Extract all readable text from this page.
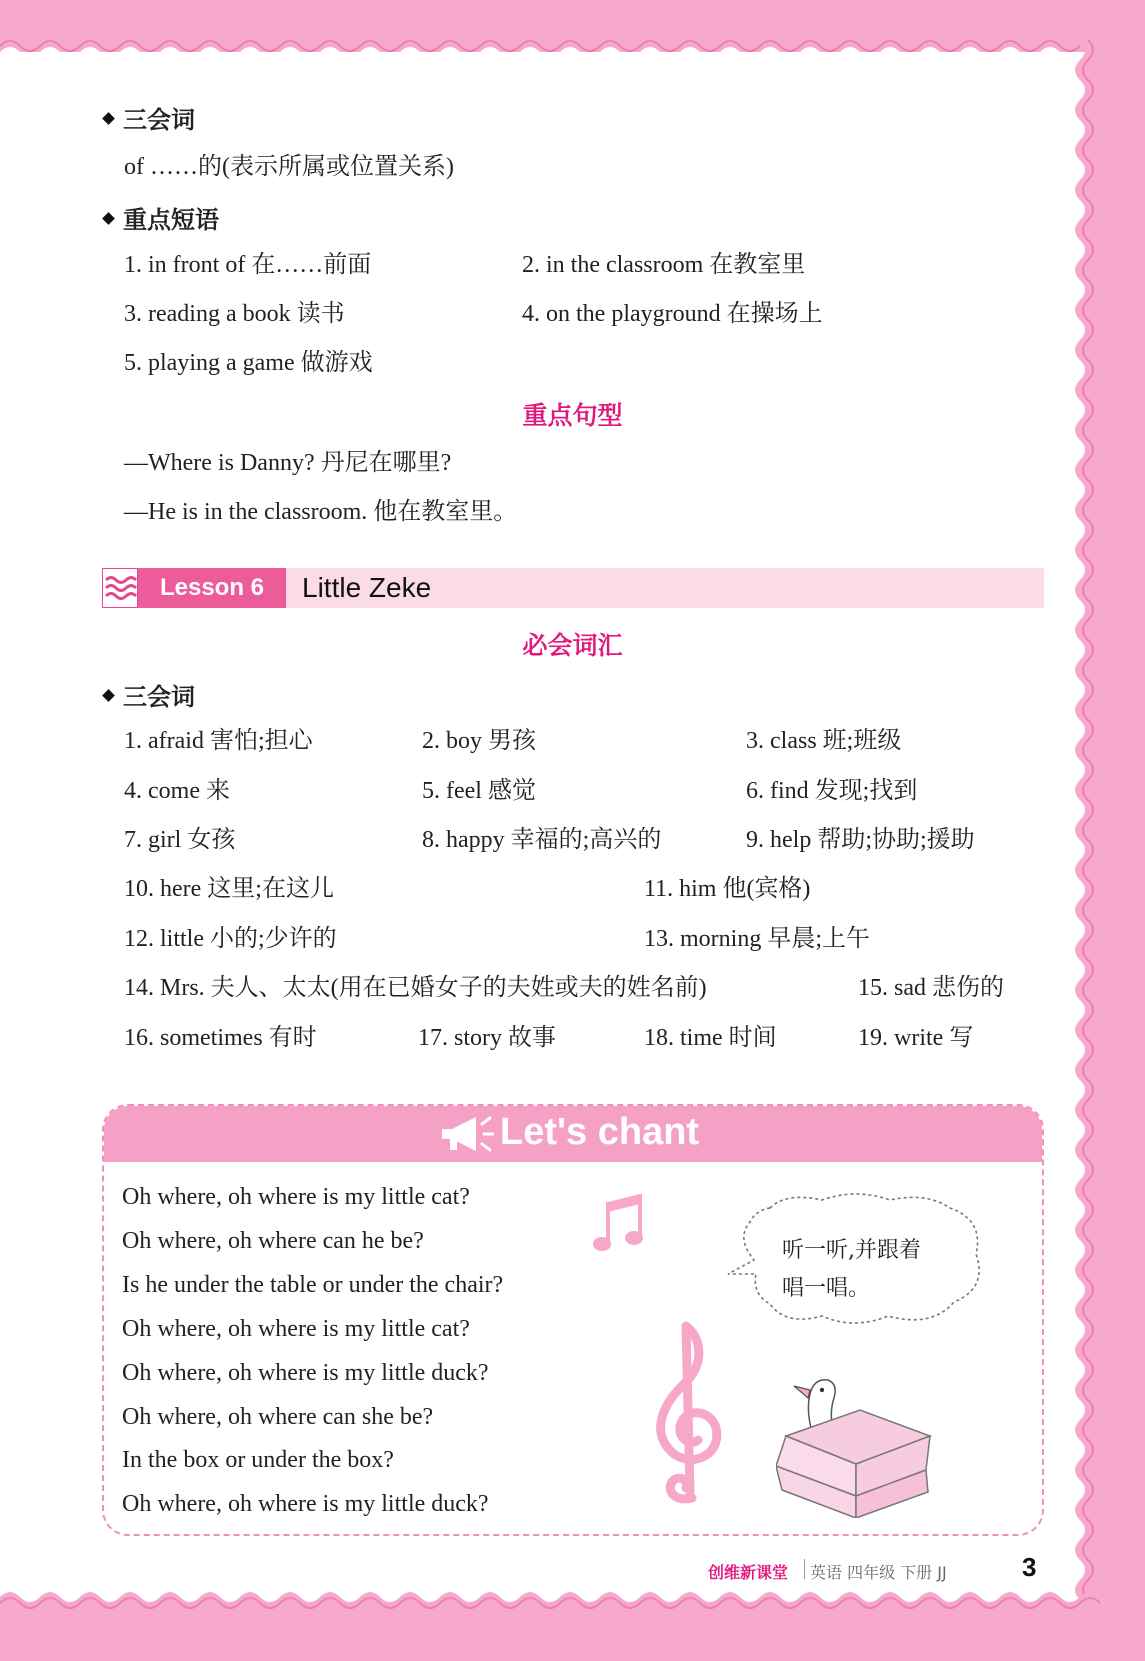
三会词
of ……的(表示所属或位置关系)
重点短语
1. in front of 在……前面	2. in the classroom 在教室里
3. reading a book 读书	4. on the playground 在操场上
5. playing a game 做游戏
重点句型
—Where is Danny? 丹尼在哪里?
—He is in the classroom. 他在教室里。
Lesson 6	Little Zeke
必会词汇
三会词
1. afraid 害怕;担心	2. boy 男孩	3. class 班;班级
4. come 来	5. feel 感觉	6. find 发现;找到
7. girl 女孩	8. happy 幸福的;高兴的	9. help 帮助;协助;援助
10. here 这里;在这儿	11. him 他(宾格)
12. little 小的;少许的	13. morning 早晨;上午
14. Mrs. 夫人、太太(用在已婚女子的夫姓或夫的姓名前)	15. sad 悲伤的
16. sometimes 有时	17. story 故事	18. time 时间	19. write 写
Let's chant
Oh where, oh where is my little cat?
Oh where, oh where can he be?
Is he under the table or under the chair?
Oh where, oh where is my little cat?
Oh where, oh where is my little duck?
Oh where, oh where can she be?
In the box or under the box?
Oh where, oh where is my little duck?
听一听,并跟着
唱一唱。
创维新课堂 英语 四年级 下册 JJ	3
